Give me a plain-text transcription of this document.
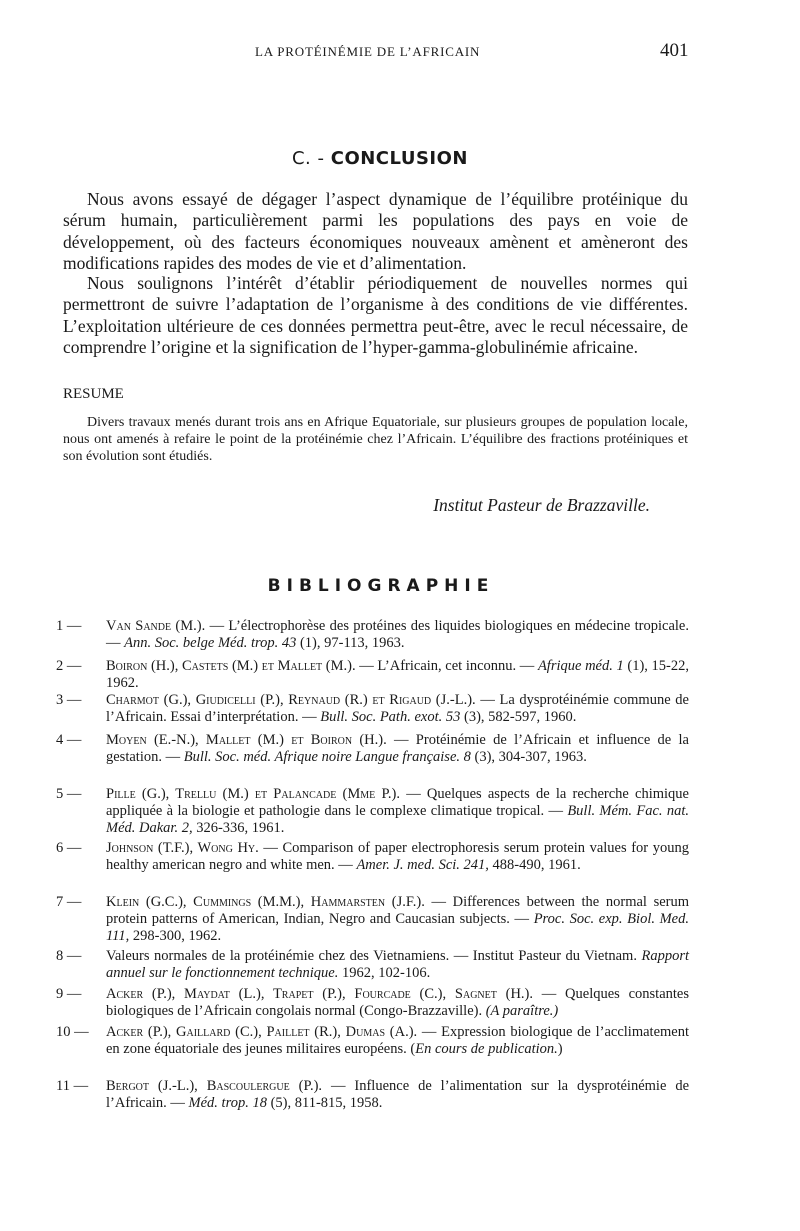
LA PROTÉINÉMIE DE L’AFRICAIN	401
C. - CONCLUSION

Nous avons essayé de dégager l’aspect dynamique de l’équilibre protéinique du sérum humain, particulièrement parmi les populations des pays en voie de développement, où des facteurs économiques nouveaux amènent et amèneront des modifications rapides des modes de vie et d’alimentation.

Nous soulignons l’intérêt d’établir périodiquement de nouvelles normes qui permettront de suivre l’adaptation de l’organisme à des conditions de vie différentes. L’exploitation ultérieure de ces données permettra peut-être, avec le recul nécessaire, de comprendre l’origine et la signification de l’hyper-gamma-globulinémie africaine.

RESUME

Divers travaux menés durant trois ans en Afrique Equatoriale, sur plusieurs groupes de population locale, nous ont amenés à refaire le point de la protéinémie chez l’Africain. L’équilibre des fractions protéiniques et son évolution sont étudiés.

Institut Pasteur de Brazzaville.
BIBLIOGRAPHIE
1 —	Van Sande (M.). — L’électrophorèse des protéines des liquides biologiques en médecine tropicale. — Ann. Soc. belge Méd. trop. 43 (1), 97-113, 1963.
2 —	Boiron (H.), Castets (M.) et Mallet (M.). — L’Africain, cet inconnu. — Afrique méd. 1 (1), 15-22, 1962.
3 —	Charmot (G.), Giudicelli (P.), Reynaud (R.) et Rigaud (J.-L.). — La dysprotéinémie commune de l’Africain. Essai d’interprétation. — Bull. Soc. Path. exot. 53 (3), 582-597, 1960.
4 —	Moyen (E.-N.), Mallet (M.) et Boiron (H.). — Protéinémie de l’Africain et influence de la gestation. — Bull. Soc. méd. Afrique noire Langue française. 8 (3), 304-307, 1963.
5 —	Pille (G.), Trellu (M.) et Palancade (Mme P.). — Quelques aspects de la recherche chimique appliquée à la biologie et pathologie dans le complexe climatique tropical. — Bull. Mém. Fac. nat. Méd. Dakar. 2, 326-336, 1961.
6 —	Johnson (T.F.), Wong Hy. — Comparison of paper electrophoresis serum protein values for young healthy american negro and white men. — Amer. J. med. Sci. 241, 488-490, 1961.
7 —	Klein (G.C.), Cummings (M.M.), Hammarsten (J.F.). — Differences between the normal serum protein patterns of American, Indian, Negro and Caucasian subjects. — Proc. Soc. exp. Biol. Med. 111, 298-300, 1962.
8 —	Valeurs normales de la protéinémie chez des Vietnamiens. — Institut Pasteur du Vietnam. Rapport annuel sur le fonctionnement technique. 1962, 102-106.
9 —	Acker (P.), Maydat (L.), Trapet (P.), Fourcade (C.), Sagnet (H.). — Quelques constantes biologiques de l’Africain congolais normal (Congo-Brazzaville). (A paraître.)
10 — Acker (P.), Gaillard (C.), Paillet (R.), Dumas (A.). — Expression biologique de l’acclimatement en zone équatoriale des jeunes militaires européens. (En cours de publication.)
11 — Bergot (J.-L.), Bascoulergue (P.). — Influence de l’alimentation sur la dysprotéinémie de l’Africain. — Méd. trop. 18 (5), 811-815, 1958.
